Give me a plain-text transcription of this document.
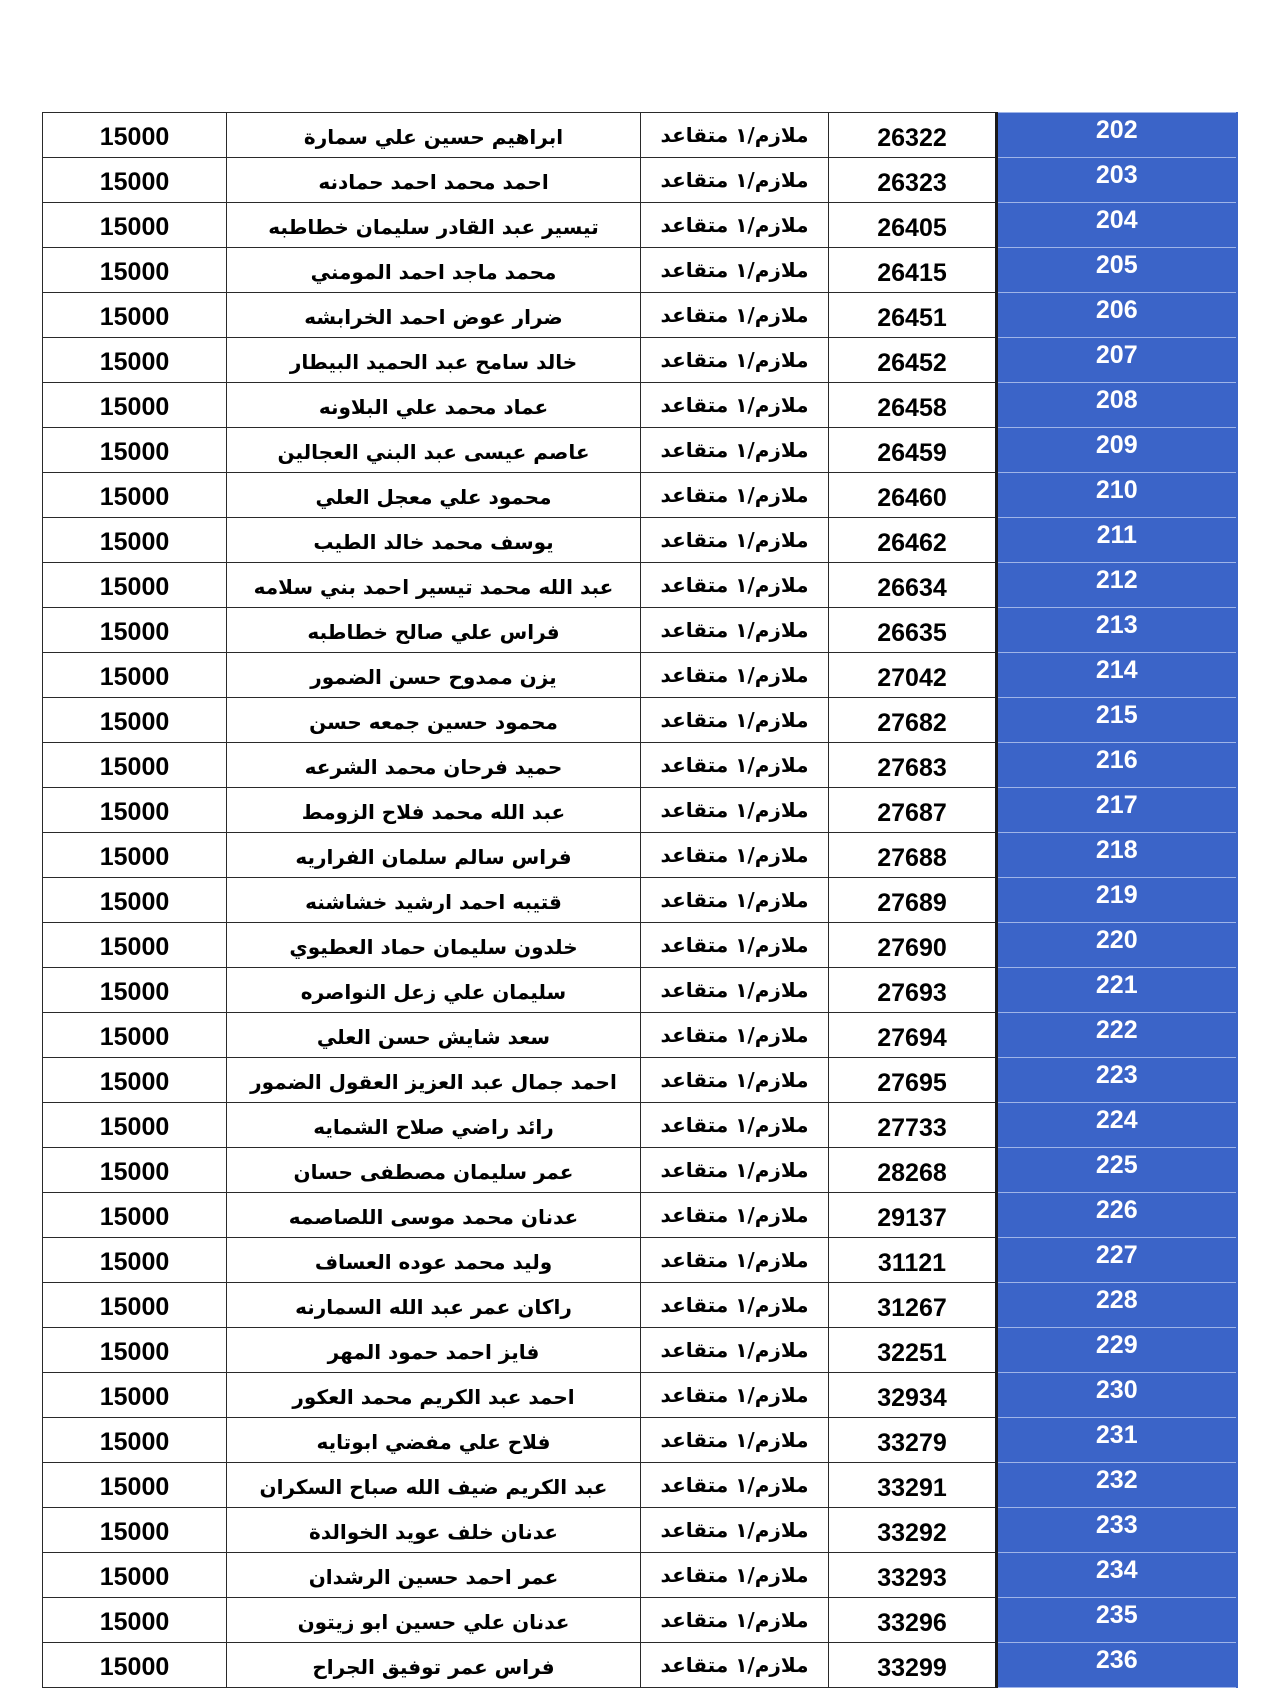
15000	ابراهيم حسين علي سمارة	ملازم/١ متقاعد	26322	202
15000	احمد محمد احمد حمادنه	ملازم/١ متقاعد	26323	203
15000	تيسير عبد القادر سليمان خطاطبه	ملازم/١ متقاعد	26405	204
15000	محمد ماجد احمد المومني	ملازم/١ متقاعد	26415	205
15000	ضرار عوض احمد الخرابشه	ملازم/١ متقاعد	26451	206
15000	خالد سامح عبد الحميد البيطار	ملازم/١ متقاعد	26452	207
15000	عماد محمد علي البلاونه	ملازم/١ متقاعد	26458	208
15000	عاصم عيسى عبد البني العجالين	ملازم/١ متقاعد	26459	209
15000	محمود علي معجل العلي	ملازم/١ متقاعد	26460	210
15000	يوسف محمد خالد الطيب	ملازم/١ متقاعد	26462	211
15000	عبد الله محمد تيسير احمد بني سلامه	ملازم/١ متقاعد	26634	212
15000	فراس علي صالح خطاطبه	ملازم/١ متقاعد	26635	213
15000	يزن ممدوح حسن الضمور	ملازم/١ متقاعد	27042	214
15000	محمود حسين جمعه حسن	ملازم/١ متقاعد	27682	215
15000	حميد فرحان محمد الشرعه	ملازم/١ متقاعد	27683	216
15000	عبد الله محمد فلاح الزومط	ملازم/١ متقاعد	27687	217
15000	فراس سالم سلمان الفراريه	ملازم/١ متقاعد	27688	218
15000	قتيبه احمد ارشيد خشاشنه	ملازم/١ متقاعد	27689	219
15000	خلدون سليمان حماد العطيوي	ملازم/١ متقاعد	27690	220
15000	سليمان علي زعل النواصره	ملازم/١ متقاعد	27693	221
15000	سعد شايش حسن العلي	ملازم/١ متقاعد	27694	222
15000	احمد جمال عبد العزيز العقول الضمور	ملازم/١ متقاعد	27695	223
15000	رائد راضي صلاح الشمايه	ملازم/١ متقاعد	27733	224
15000	عمر سليمان مصطفى حسان	ملازم/١ متقاعد	28268	225
15000	عدنان محمد موسى اللصاصمه	ملازم/١ متقاعد	29137	226
15000	وليد محمد عوده العساف	ملازم/١ متقاعد	31121	227
15000	راكان عمر عبد الله السمارنه	ملازم/١ متقاعد	31267	228
15000	فايز احمد حمود المهر	ملازم/١ متقاعد	32251	229
15000	احمد عبد الكريم محمد العكور	ملازم/١ متقاعد	32934	230
15000	فلاح علي مفضي ابوتايه	ملازم/١ متقاعد	33279	231
15000	عبد الكريم ضيف الله صباح السكران	ملازم/١ متقاعد	33291	232
15000	عدنان خلف عويد الخوالدة	ملازم/١ متقاعد	33292	233
15000	عمر احمد حسين الرشدان	ملازم/١ متقاعد	33293	234
15000	عدنان علي حسين ابو زيتون	ملازم/١ متقاعد	33296	235
15000	فراس عمر توفيق الجراح	ملازم/١ متقاعد	33299	236
